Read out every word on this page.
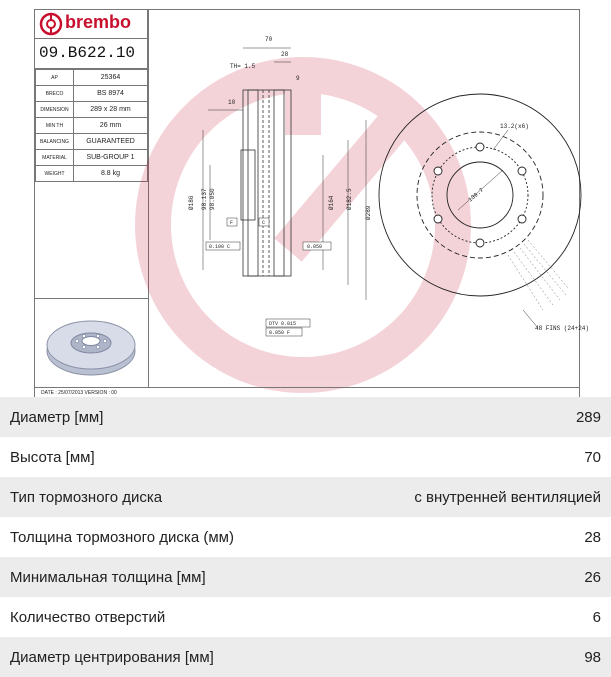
brembo
09.B622.10
AP	25364
BRECO	BS 8974
DIMENSION	289 x 28 mm
MIN TH	26 mm
BALANCING	GUARANTEED
MATERIAL	SUB-GROUP 1
WEIGHT	8.8 kg
70
28
TH= 1.5
9
10
Ø186 98.137 98.050	Ø164 Ø182.5
Ø289
F	C
0.100 C	0.050
DTV 0.015
0.050 F
13.2(x6)
139.7
48 FINS (24+24)
DATE : 25/07/2013 VERSION : 00
Диаметр [мм]	289
Высота [мм]	70
Тип тормозного диска	с внутренней вентиляцией
Толщина тормозного диска (мм)	28
Минимальная толщина [мм]	26
Количество отверстий	6
Диаметр центрирования [мм]	98
